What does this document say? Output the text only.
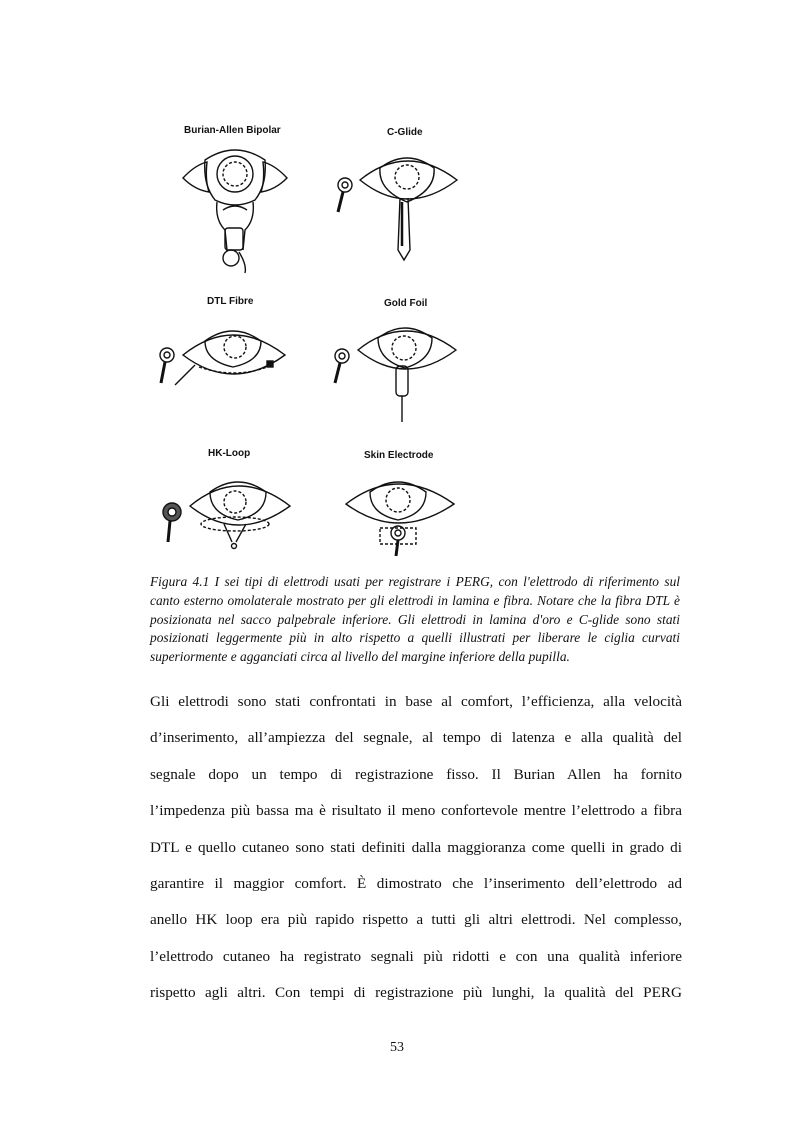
Burian-Allen Bipolar	C-Glide
DTL Fibre	Gold Foil
HK-Loop	Skin Electrode

Figura 4.1 I sei tipi di elettrodi usati per registrare i PERG, con l'elettrodo di riferimento sul canto esterno omolaterale mostrato per gli elettrodi in lamina e fibra. Notare che la fibra DTL è posizionata nel sacco palpebrale inferiore. Gli elettrodi in lamina d'oro e C-glide sono stati posizionati leggermente più in alto rispetto a quelli illustrati per liberare le ciglia curvati superiormente e agganciati circa al livello del margine inferiore della pupilla.

Gli elettrodi sono stati confrontati in base al comfort, l’efficienza, alla velocità
d’inserimento, all’ampiezza del segnale, al tempo di latenza e alla qualità del
segnale dopo un tempo di registrazione fisso. Il Burian Allen ha fornito
l’impedenza più bassa ma è risultato il meno confortevole mentre l’elettrodo a fibra
DTL e quello cutaneo sono stati definiti dalla maggioranza come quelli in grado di
garantire il maggior comfort. È dimostrato che l’inserimento dell’elettrodo ad
anello HK loop era più rapido rispetto a tutti gli altri elettrodi. Nel complesso,
l’elettrodo cutaneo ha registrato segnali più ridotti e con una qualità inferiore
rispetto agli altri. Con tempi di registrazione più lunghi, la qualità del PERG
53
